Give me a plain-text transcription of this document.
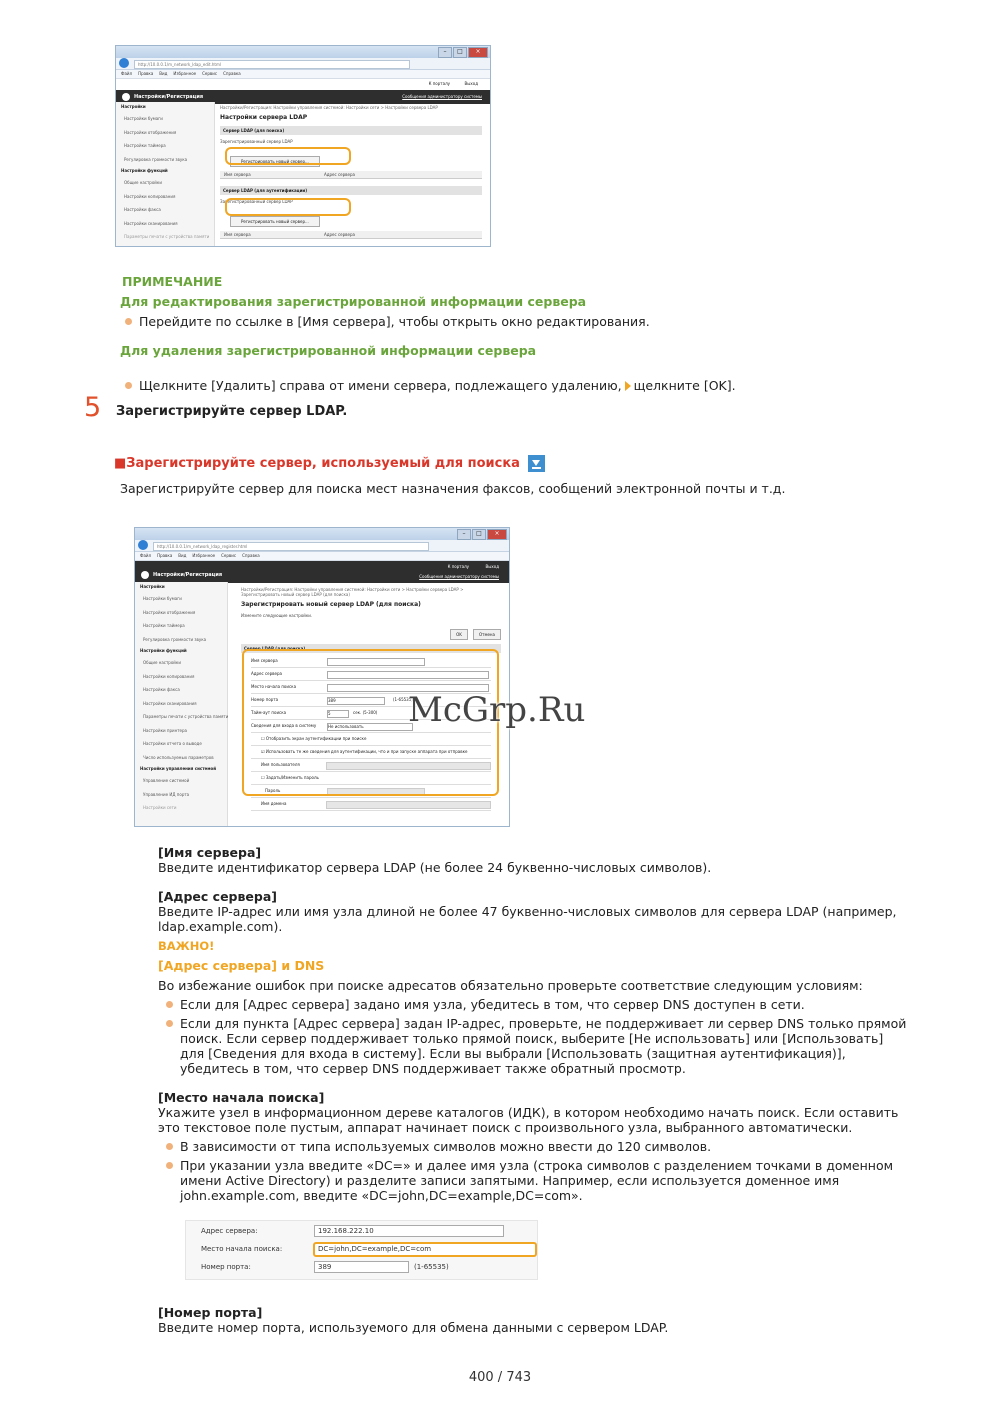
–	□	×
http://10.0.0.1/m_network_ldap_edit.html
Файл Правка Вид Избранное Сервис Справка
К порталу	Выход
Настройки/Регистрация	Сообщения администратору системы
Настройки
Настройки бумаги
Настройки отображения
Настройки таймера
Регулировка громкости звука
Настройки функций
Общие настройки
Настройки копирования
Настройки факса
Настройки сканирования
Параметры печати с устройства памяти
Настройки/Регистрация: Настройки управления системой: Настройки сети > Настройки сервера LDAP
Настройки сервера LDAP
Сервер LDAP (для поиска)
Зарегистрированный сервер LDAP
Регистрировать новый сервер...
Имя сервера	Адрес сервера
Сервер LDAP (для аутентификации)
Зарегистрированный сервер LDAP
Регистрировать новый сервер...
Имя сервера	Адрес сервера
ПРИМЕЧАНИЕ
Для редактирования зарегистрированной информации сервера
Перейдите по ссылке в [Имя сервера], чтобы открыть окно редактирования.
Для удаления зарегистрированной информации сервера
Щелкните [Удалить] справа от имени сервера, подлежащего удалению, щелкните [OK].
5 Зарегистрируйте сервер LDAP.
■Зарегистрируйте сервер, используемый для поиска
Зарегистрируйте сервер для поиска мест назначения факсов, сообщений электронной почты и т.д.
–	□	×
http://10.0.0.1/m_network_ldap_register.html
Файл Правка Вид Избранное Сервис Справка
Настройки/Регистрация
К порталу	Выход
Сообщения администратору системы
Настройки
Настройки бумаги
Настройки отображения
Настройки таймера
Регулировка громкости звука
Настройки функций
Общие настройки
Настройки копирования
Настройки факса
Настройки сканирования
Параметры печати с устройства памяти
Настройки принтера
Настройки отчета о выводе
Число используемых параметров
Настройки управления системой
Управление системой
Управление ИД порта
Настройки сети
Настройки/Регистрация: Настройки управления системой: Настройки сети > Настройки сервера LDAP > Зарегистрировать новый сервер LDAP (для поиска)
Зарегистрировать новый сервер LDAP (для поиска)
Измените следующие настройки.
OK	Отмена
Сервер LDAP (для поиска)
Имя сервера
Адрес сервера
Место начала поиска
Номер порта	389	(1-65535)
Тайм-аут поиска	5	сек. (5-300)
Сведения для входа в систему	Не использовать
☐ Отобразить экран аутентификации при поиске
☑ Использовать те же сведения для аутентификации, что и при запуске аппарата при отправке
Имя пользователя
☐ Задать/Изменить пароль
Пароль
Имя домена
McGrp.Ru
[Имя сервера]
Введите идентификатор сервера LDAP (не более 24 буквенно-числовых символов).
[Адрес сервера]
Введите IP-адрес или имя узла длиной не более 47 буквенно-числовых символов для сервера LDAP (например, ldap.example.com).
ВАЖНО!
[Адрес сервера] и DNS
Во избежание ошибок при поиске адресатов обязательно проверьте соответствие следующим условиям:
Если для [Адрес сервера] задано имя узла, убедитесь в том, что сервер DNS доступен в сети.
Если для пункта [Адрес сервера] задан IP-адрес, проверьте, не поддерживает ли сервер DNS только прямой поиск. Если сервер поддерживает только прямой поиск, выберите [Не использовать] или [Использовать] для [Сведения для входа в систему]. Если вы выбрали [Использовать (защитная аутентификация)], убедитесь в том, что сервер DNS поддерживает также обратный просмотр.
[Место начала поиска]
Укажите узел в информационном дереве каталогов (ИДК), в котором необходимо начать поиск. Если оставить это текстовое поле пустым, аппарат начинает поиск с произвольного узла, выбранного автоматически.
В зависимости от типа используемых символов можно ввести до 120 символов.
При указании узла введите «DC=» и далее имя узла (строка символов с разделением точками в доменном имени Active Directory) и разделите записи запятыми. Например, если используется доменное имя john.example.com, введите «DC=john,DC=example,DC=com».
Адрес сервера:	192.168.222.10
Место начала поиска:	DC=john,DC=example,DC=com
Номер порта:	389	(1-65535)
[Номер порта]
Введите номер порта, используемого для обмена данными с сервером LDAP.
400 / 743
